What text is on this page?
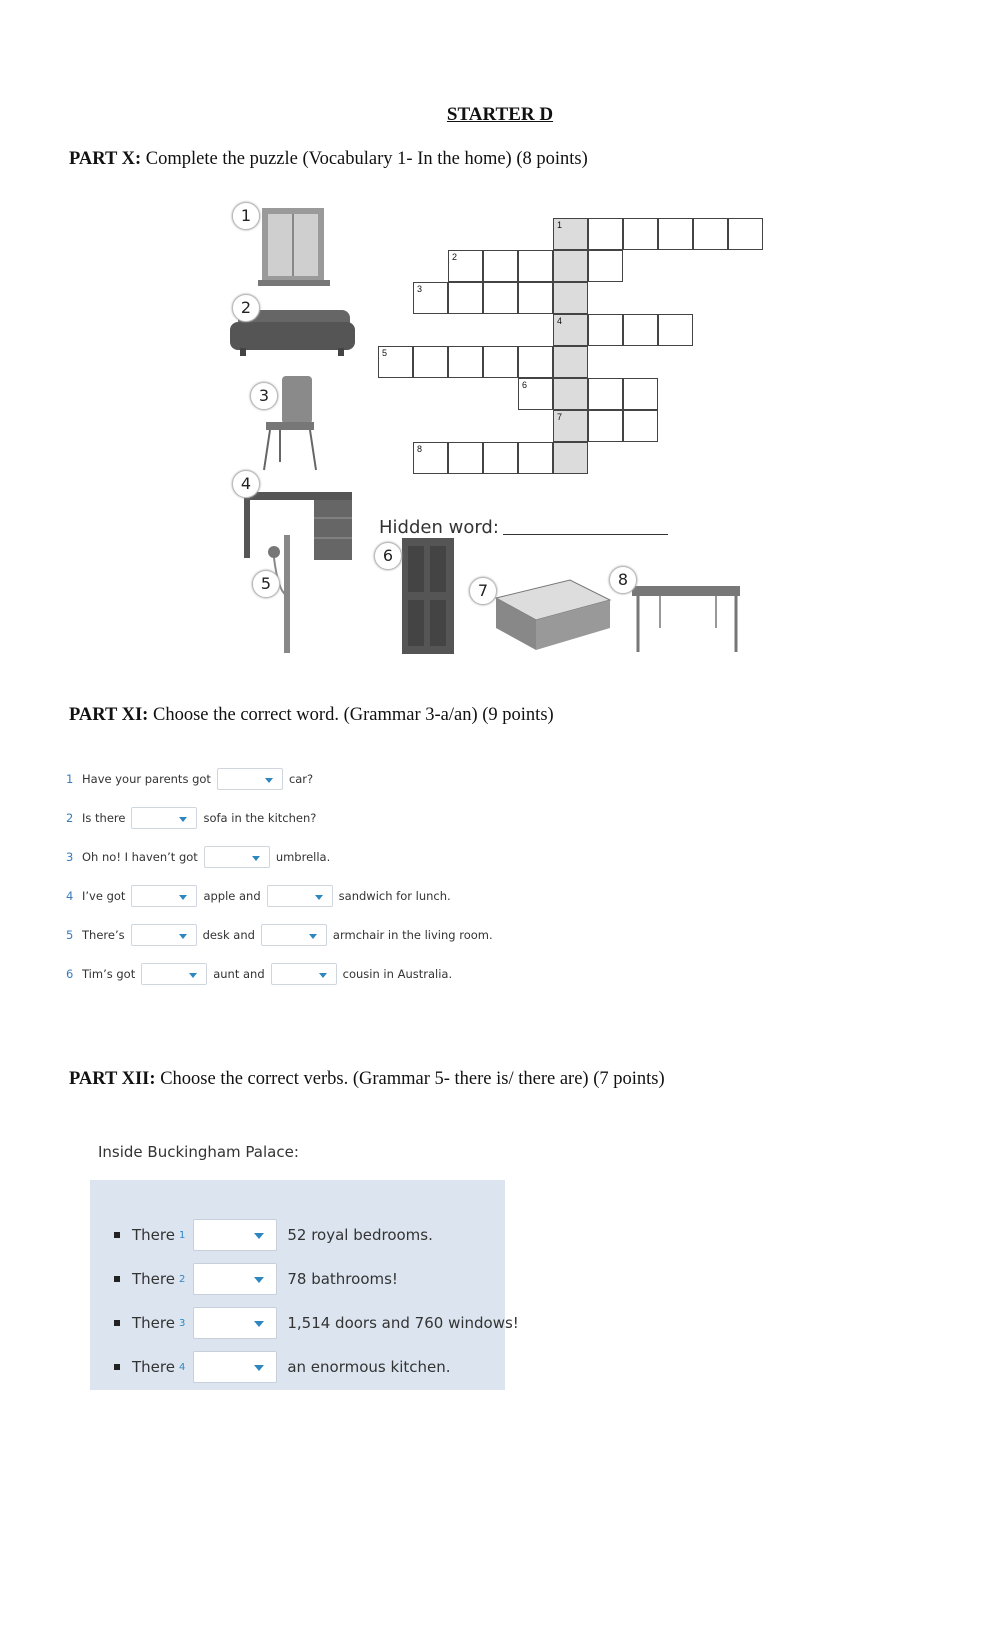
STARTER D
PART X: Complete the puzzle (Vocabulary 1- In the home) (8 points)
1
2
3
4
5
6
7
8
1
2
3
4
5
6
7
8
Hidden word:
PART XI: Choose the correct word. (Grammar 3-a/an) (9 points)
1 Have your parents got	car?
2 Is there	sofa in the kitchen?
3 Oh no! I haven’t got	umbrella.
4 I’ve got	apple and	sandwich for lunch.
5 There’s	desk and	armchair in the living room.
6 Tim’s got	aunt and	cousin in Australia.
PART XII: Choose the correct verbs. (Grammar 5- there is/ there are) (7 points)
Inside Buckingham Palace:
There 1	52 royal bedrooms.
There 2	78 bathrooms!
There 3	1,514 doors and 760 windows!
There 4	an enormous kitchen.
